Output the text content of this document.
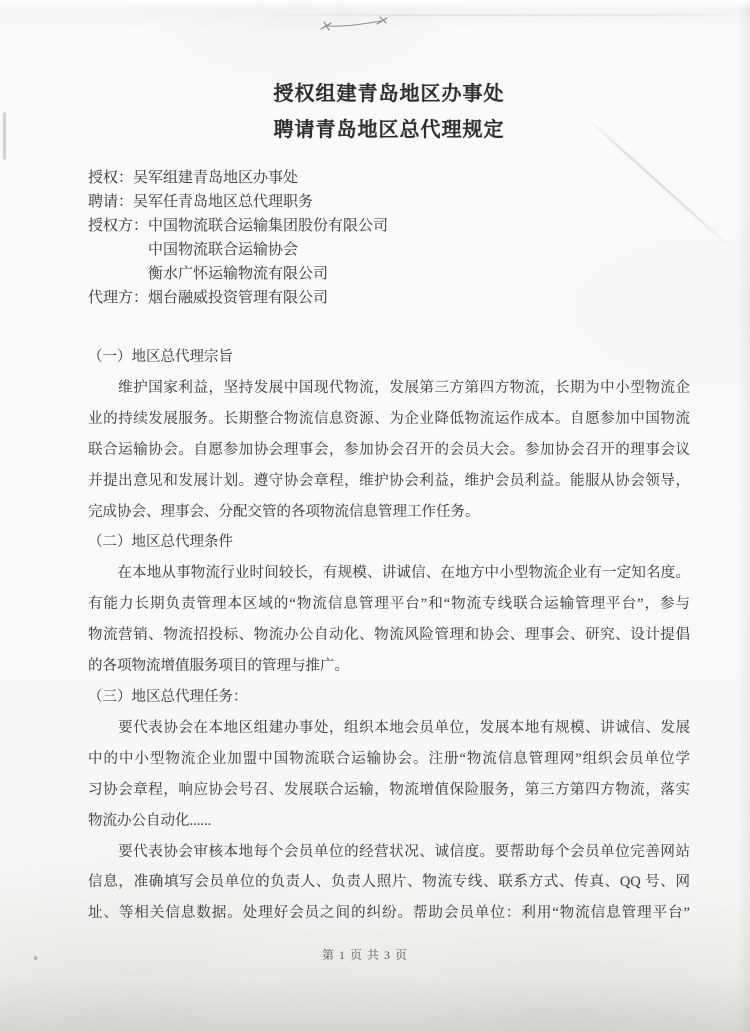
授权组建青岛地区办事处
聘请青岛地区总代理规定
授权：吴军组建青岛地区办事处
聘请：吴军任青岛地区总代理职务
授权方：中国物流联合运输集团股份有限公司
中国物流联合运输协会
衡水广怀运输物流有限公司
代理方：烟台融威投资管理有限公司
（一）地区总代理宗旨
　　维护国家利益，坚持发展中国现代物流，发展第三方第四方物流，长期为中小型物流企
业的持续发展服务。长期整合物流信息资源、为企业降低物流运作成本。自愿参加中国物流
联合运输协会。自愿参加协会理事会，参加协会召开的会员大会。参加协会召开的理事会议
并提出意见和发展计划。遵守协会章程，维护协会利益，维护会员利益。能服从协会领导，
完成协会、理事会、分配交管的各项物流信息管理工作任务。
（二）地区总代理条件
　　在本地从事物流行业时间较长，有规模、讲诚信、在地方中小型物流企业有一定知名度。
有能力长期负责管理本区域的“物流信息管理平台”和“物流专线联合运输管理平台”，参与
物流营销、物流招投标、物流办公自动化、物流风险管理和协会、理事会、研究、设计提倡
的各项物流增值服务项目的管理与推广。
（三）地区总代理任务：
　　要代表协会在本地区组建办事处，组织本地会员单位，发展本地有规模、讲诚信、发展
中的中小型物流企业加盟中国物流联合运输协会。注册“物流信息管理网”组织会员单位学
习协会章程，响应协会号召、发展联合运输，物流增值保险服务，第三方第四方物流，落实
物流办公自动化......
　　要代表协会审核本地每个会员单位的经营状况、诚信度。要帮助每个会员单位完善网站
信息，准确填写会员单位的负责人、负责人照片、物流专线、联系方式、传真、QQ 号、网
址、等相关信息数据。处理好会员之间的纠纷。帮助会员单位：利用“物流信息管理平台”
第 1 页 共 3 页
